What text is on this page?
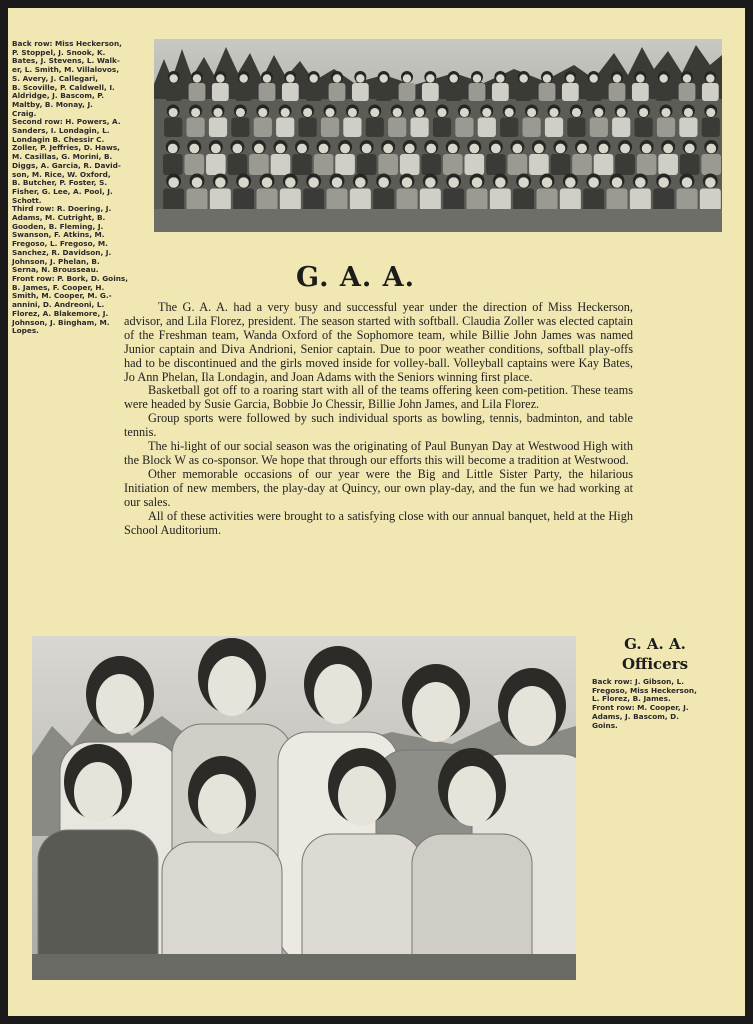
Back row: Miss Heckerson,
P. Stoppel, J. Snook, K.
Bates, J. Stevens, L. Walk-
er, L. Smith, M. Villalovos,
S. Avery, J. Callegari,
B. Scoville, P. Caldwell, I.
Aldridge, J. Bascom, P.
Maltby, B. Monay, J.
Craig.
Second row: H. Powers, A.
Sanders, I. Londagin, L.
Londagin B. Chessir C.
Zoller, P. Jeffries, D. Haws,
M. Casillas, G. Morini, B.
Diggs, A. Garcia, R. David-
son, M. Rice, W. Oxford,
B. Butcher, P. Foster, S.
Fisher, G. Lee, A. Pool, J.
Schott.
Third row: R. Doering, J.
Adams, M. Cutright, B.
Gooden, B. Fleming, J.
Swanson, F. Atkins, M.
Fregoso, L. Fregoso, M.
Sanchez, R. Davidson, J.
Johnson, J. Phelan, B.
Serna, N. Brousseau.
Front row: P. Bork, D. Goins,
B. James, F. Cooper, H.
Smith, M. Cooper, M. G.-
annini, D. Andreoni, L.
Florez, A. Blakemore, J.
Johnson, J. Bingham, M.
Lopes.
G. A. A.

The G. A. A. had a very busy and successful year under the direction of Miss Heckerson, advisor, and Lila Florez, president. The season started with softball. Claudia Zoller was elected captain of the Freshman team, Wanda Oxford of the Sophomore team, while Billie John James was named Junior captain and Diva Andrioni, Senior captain. Due to poor weather conditions, softball play-offs had to be discontinued and the girls moved inside for volley-ball. Volleyball captains were Kay Bates, Jo Ann Phelan, Ila Londagin, and Joan Adams with the Seniors winning first place.

Basketball got off to a roaring start with all of the teams offering keen com-petition. These teams were headed by Susie Garcia, Bobbie Jo Chessir, Billie John James, and Lila Florez.

Group sports were followed by such individual sports as bowling, tennis, badminton, and table tennis.

The hi-light of our social season was the originating of Paul Bunyan Day at Westwood High with the Block W as co-sponsor. We hope that through our efforts this will become a tradition at Westwood.

Other memorable occasions of our year were the Big and Little Sister Party, the hilarious Initiation of new members, the play-day at Quincy, our own play-day, and the fun we had working at our sales.

All of these activities were brought to a satisfying close with our annual banquet, held at the High School Auditorium.

G. A. A.
Officers
Back row: J. Gibson, L.
Fregoso, Miss Heckerson,
L. Florez, B. James.
Front row: M. Cooper, J.
Adams, J. Bascom, D.
Goins.
